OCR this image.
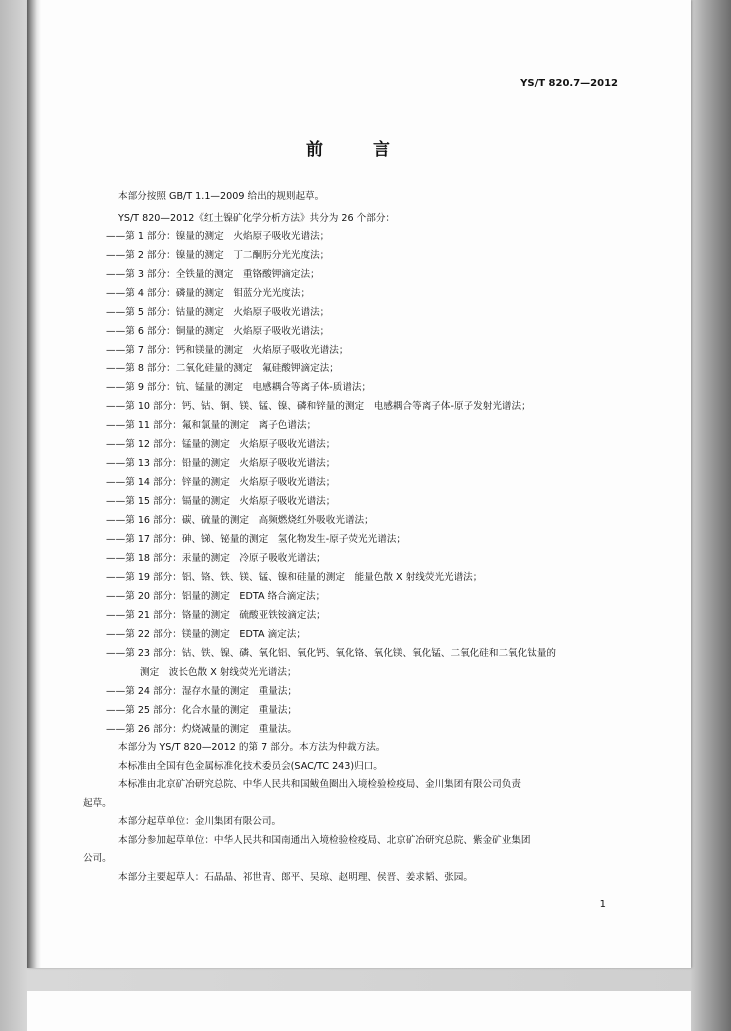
YS/T 820.7—2012
前 言
本部分按照 GB/T 1.1—2009 给出的规则起草。
YS/T 820—2012《红土镍矿化学分析方法》共分为 26 个部分：
——第 1 部分：镍量的测定　火焰原子吸收光谱法；
——第 2 部分：镍量的测定　丁二酮肟分光光度法；
——第 3 部分：全铁量的测定　重铬酸钾滴定法；
——第 4 部分：磷量的测定　钼蓝分光光度法；
——第 5 部分：钴量的测定　火焰原子吸收光谱法；
——第 6 部分：铜量的测定　火焰原子吸收光谱法；
——第 7 部分：钙和镁量的测定　火焰原子吸收光谱法；
——第 8 部分：二氧化硅量的测定　氟硅酸钾滴定法；
——第 9 部分：钪、锰量的测定　电感耦合等离子体-质谱法；
——第 10 部分：钙、钴、铜、镁、锰、镍、磷和锌量的测定　电感耦合等离子体-原子发射光谱法；
——第 11 部分：氟和氯量的测定　离子色谱法；
——第 12 部分：锰量的测定　火焰原子吸收光谱法；
——第 13 部分：铅量的测定　火焰原子吸收光谱法；
——第 14 部分：锌量的测定　火焰原子吸收光谱法；
——第 15 部分：镉量的测定　火焰原子吸收光谱法；
——第 16 部分：碳、硫量的测定　高频燃烧红外吸收光谱法；
——第 17 部分：砷、锑、铋量的测定　氢化物发生-原子荧光光谱法；
——第 18 部分：汞量的测定　冷原子吸收光谱法；
——第 19 部分：铝、铬、铁、镁、锰、镍和硅量的测定　能量色散 X 射线荧光光谱法；
——第 20 部分：铝量的测定　EDTA 络合滴定法；
——第 21 部分：铬量的测定　硫酸亚铁铵滴定法；
——第 22 部分：镁量的测定　EDTA 滴定法；
——第 23 部分：钴、铁、镍、磷、氧化铝、氧化钙、氧化铬、氧化镁、氧化锰、二氧化硅和二氧化钛量的
测定　波长色散 X 射线荧光光谱法；
——第 24 部分：湿存水量的测定　重量法；
——第 25 部分：化合水量的测定　重量法；
——第 26 部分：灼烧减量的测定　重量法。
本部分为 YS/T 820—2012 的第 7 部分。本方法为仲裁方法。
本标准由全国有色金属标准化技术委员会(SAC/TC 243)归口。
本标准由北京矿冶研究总院、中华人民共和国鲅鱼圈出入境检验检疫局、金川集团有限公司负责
起草。
本部分起草单位：金川集团有限公司。
本部分参加起草单位：中华人民共和国南通出入境检验检疫局、北京矿冶研究总院、紫金矿业集团
公司。
本部分主要起草人：石晶晶、祁世青、郎平、吴琼、赵明理、侯晋、姜求韬、张园。
1
